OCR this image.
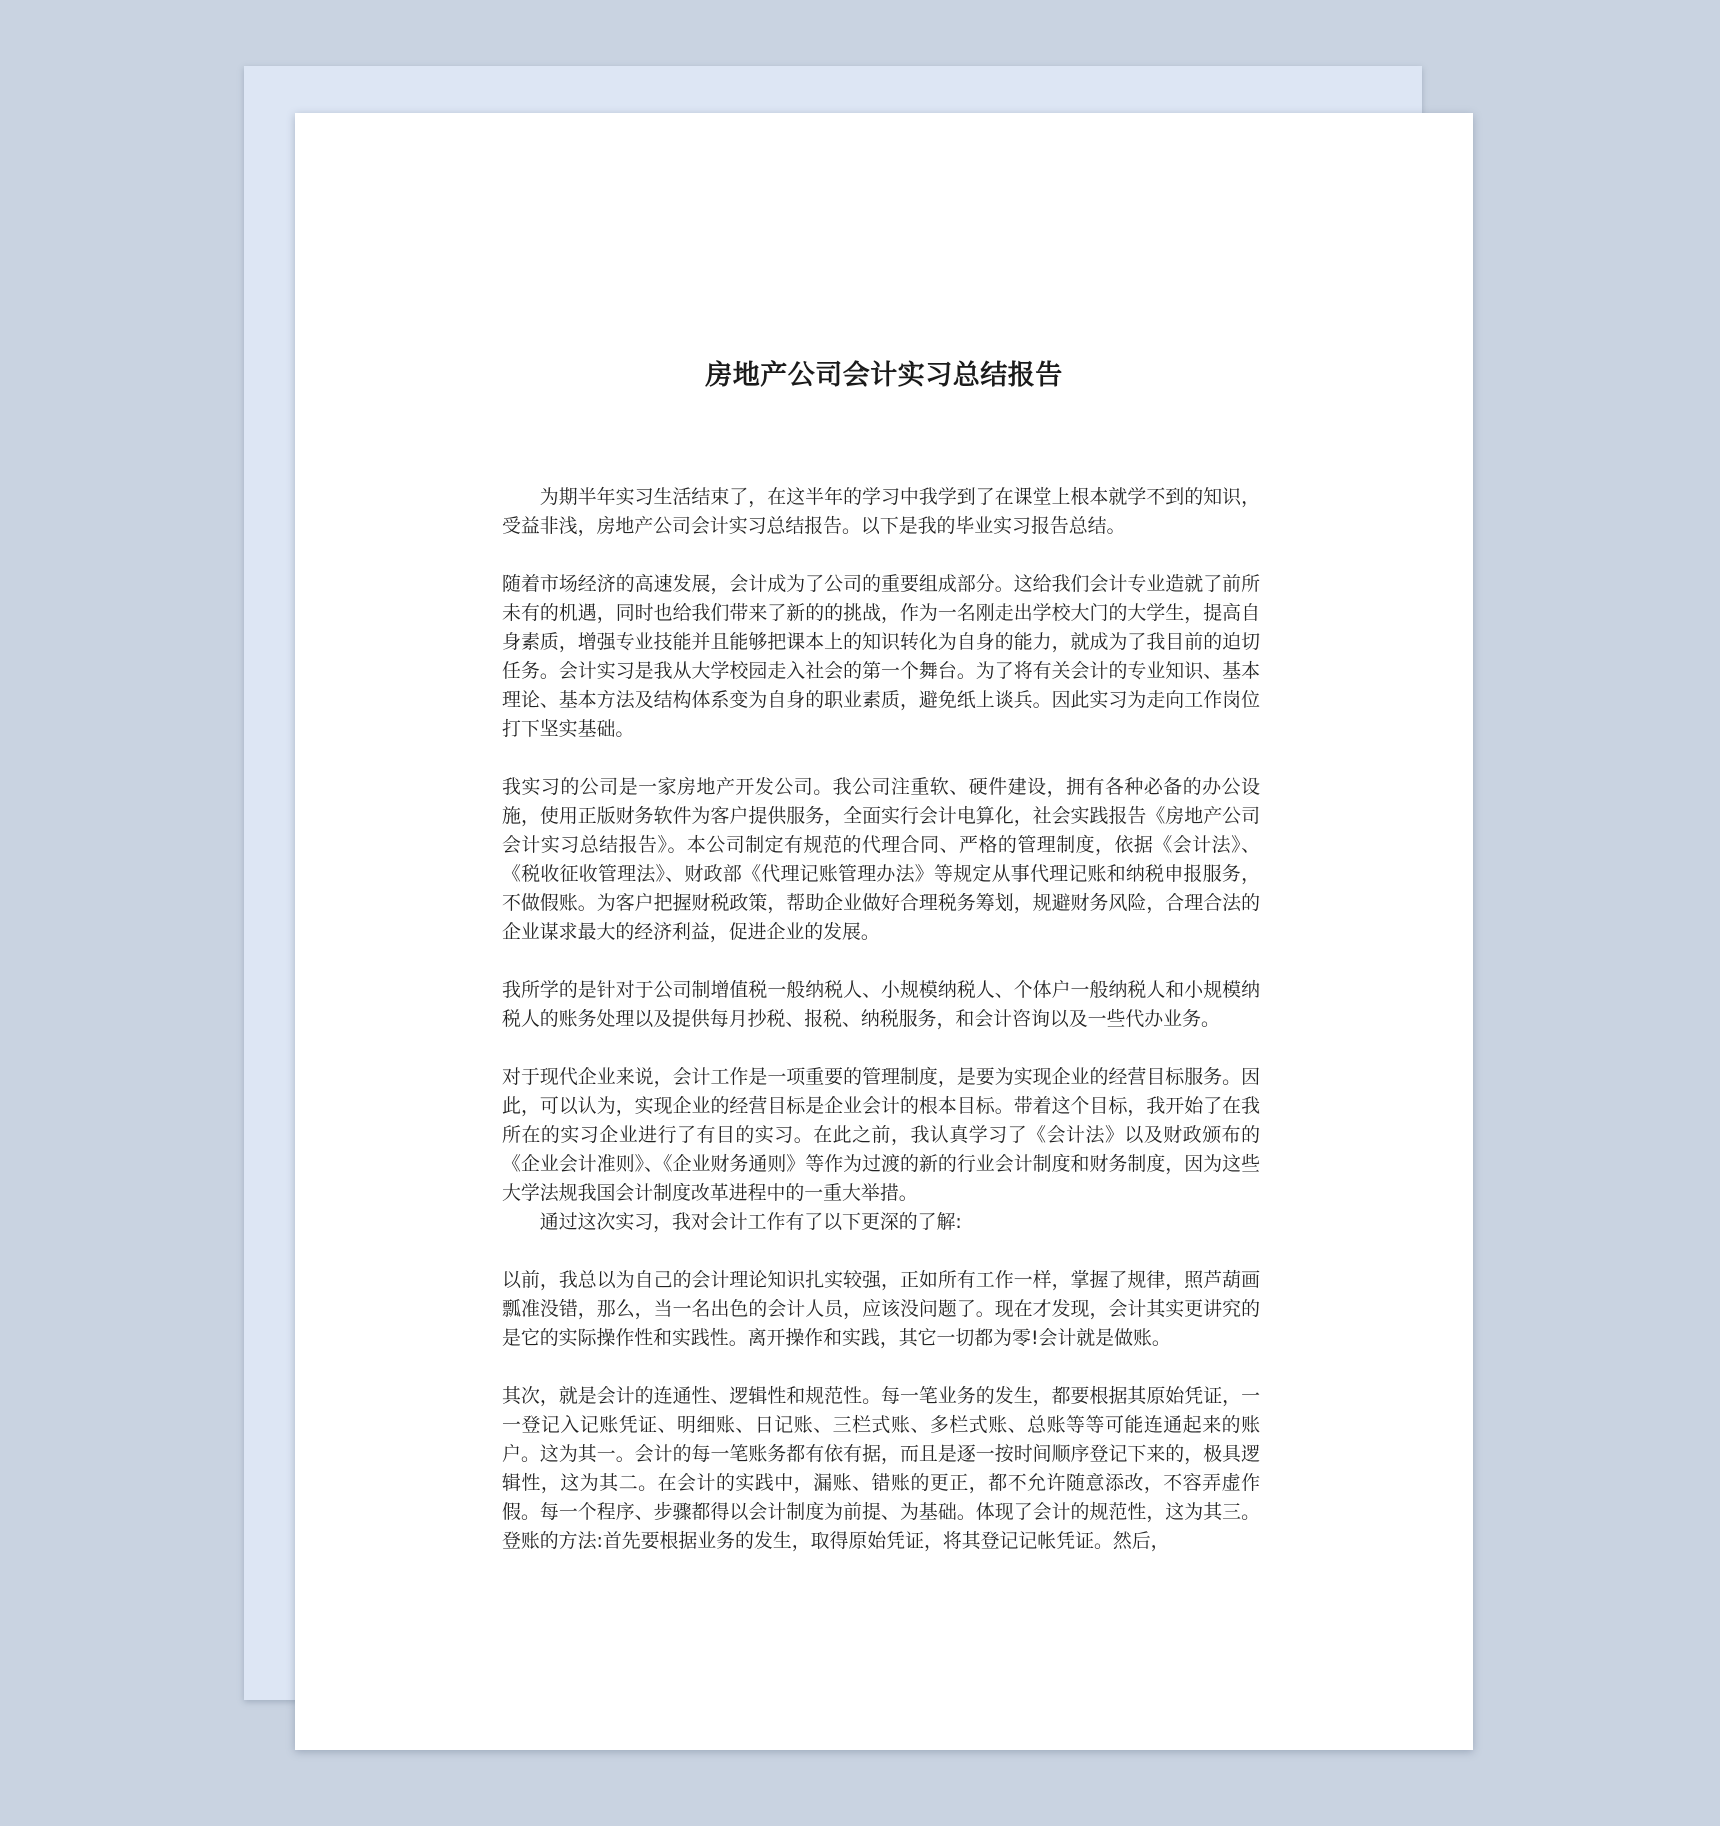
房地产公司会计实习总结报告

为期半年实习生活结束了，在这半年的学习中我学到了在课堂上根本就学不到的知识，受益非浅，房地产公司会计实习总结报告。以下是我的毕业实习报告总结。

随着市场经济的高速发展，会计成为了公司的重要组成部分。这给我们会计专业造就了前所未有的机遇，同时也给我们带来了新的的挑战，作为一名刚走出学校大门的大学生，提高自身素质，增强专业技能并且能够把课本上的知识转化为自身的能力，就成为了我目前的迫切任务。会计实习是我从大学校园走入社会的第一个舞台。为了将有关会计的专业知识、基本理论、基本方法及结构体系变为自身的职业素质，避免纸上谈兵。因此实习为走向工作岗位打下坚实基础。

我实习的公司是一家房地产开发公司。我公司注重软、硬件建设，拥有各种必备的办公设施，使用正版财务软件为客户提供服务，全面实行会计电算化，社会实践报告《房地产公司会计实习总结报告》。本公司制定有规范的代理合同、严格的管理制度，依据《会计法》、《税收征收管理法》、财政部《代理记账管理办法》等规定从事代理记账和纳税申报服务，不做假账。为客户把握财税政策，帮助企业做好合理税务筹划，规避财务风险，合理合法的企业谋求最大的经济利益，促进企业的发展。

我所学的是针对于公司制增值税一般纳税人、小规模纳税人、个体户一般纳税人和小规模纳税人的账务处理以及提供每月抄税、报税、纳税服务，和会计咨询以及一些代办业务。

对于现代企业来说，会计工作是一项重要的管理制度，是要为实现企业的经营目标服务。因此，可以认为，实现企业的经营目标是企业会计的根本目标。带着这个目标，我开始了在我所在的实习企业进行了有目的实习。在此之前，我认真学习了《会计法》以及财政颁布的《企业会计准则》、《企业财务通则》等作为过渡的新的行业会计制度和财务制度，因为这些大学法规我国会计制度改革进程中的一重大举措。

通过这次实习，我对会计工作有了以下更深的了解:

以前，我总以为自己的会计理论知识扎实较强，正如所有工作一样，掌握了规律，照芦葫画瓢准没错，那么，当一名出色的会计人员，应该没问题了。现在才发现，会计其实更讲究的是它的实际操作性和实践性。离开操作和实践，其它一切都为零!会计就是做账。

其次，就是会计的连通性、逻辑性和规范性。每一笔业务的发生，都要根据其原始凭证，一一登记入记账凭证、明细账、日记账、三栏式账、多栏式账、总账等等可能连通起来的账户。这为其一。会计的每一笔账务都有依有据，而且是逐一按时间顺序登记下来的，极具逻辑性，这为其二。在会计的实践中，漏账、错账的更正，都不允许随意添改，不容弄虚作假。每一个程序、步骤都得以会计制度为前提、为基础。体现了会计的规范性，这为其三。登账的方法:首先要根据业务的发生，取得原始凭证，将其登记记帐凭证。然后，
